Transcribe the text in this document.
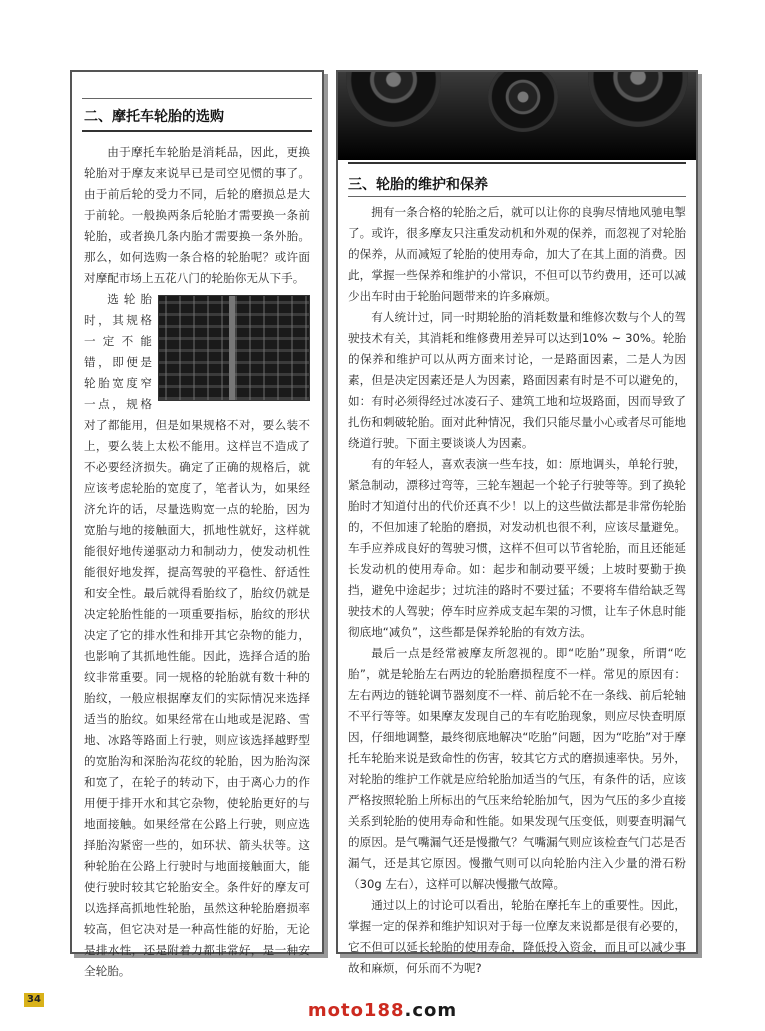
二、摩托车轮胎的选购

由于摩托车轮胎是消耗品，因此，更换轮胎对于摩友来说早已是司空见惯的事了。由于前后轮的受力不同，后轮的磨损总是大于前轮。一般换两条后轮胎才需要换一条前轮胎，或者换几条内胎才需要换一条外胎。那么，如何选购一条合格的轮胎呢？或许面对摩配市场上五花八门的轮胎你无从下手。

选轮胎时，其规格一定不能错，即便是轮胎宽度窄一点，规格对了都能用，但是如果规格不对，要么装不上，要么装上太松不能用。这样岂不造成了不必要经济损失。确定了正确的规格后，就应该考虑轮胎的宽度了，笔者认为，如果经济允许的话，尽量选购宽一点的轮胎，因为宽胎与地的接触面大，抓地性就好，这样就能很好地传递驱动力和制动力，使发动机性能很好地发挥，提高驾驶的平稳性、舒适性和安全性。最后就得看胎纹了，胎纹仍就是决定轮胎性能的一项重要指标，胎纹的形状决定了它的排水性和排开其它杂物的能力，也影响了其抓地性能。因此，选择合适的胎纹非常重要。同一规格的轮胎就有数十种的胎纹，一般应根据摩友们的实际情况来选择适当的胎纹。如果经常在山地或是泥路、雪地、冰路等路面上行驶，则应该选择越野型的宽胎沟和深胎沟花纹的轮胎，因为胎沟深和宽了，在轮子的转动下，由于离心力的作用便于排开水和其它杂物，使轮胎更好的与地面接触。如果经常在公路上行驶，则应选择胎沟紧密一些的，如环状、箭头状等。这种轮胎在公路上行驶时与地面接触面大，能使行驶时较其它轮胎安全。条件好的摩友可以选择高抓地性轮胎，虽然这种轮胎磨损率较高，但它决对是一种高性能的好胎，无论是排水性，还是附着力都非常好，是一种安全轮胎。

三、轮胎的维护和保养

拥有一条合格的轮胎之后，就可以让你的良驹尽情地风驰电掣了。或许，很多摩友只注重发动机和外观的保养，而忽视了对轮胎的保养，从而减短了轮胎的使用寿命，加大了在其上面的消费。因此，掌握一些保养和维护的小常识，不但可以节约费用，还可以减少出车时由于轮胎问题带来的许多麻烦。

有人统计过，同一时期轮胎的消耗数量和维修次数与个人的驾驶技术有关，其消耗和维修费用差异可以达到10% ~ 30%。轮胎的保养和维护可以从两方面来讨论，一是路面因素，二是人为因素，但是决定因素还是人为因素，路面因素有时是不可以避免的，如：有时必须得经过冰凌石子、建筑工地和垃圾路面，因而导致了扎伤和刺破轮胎。面对此种情况，我们只能尽量小心或者尽可能地绕道行驶。下面主要谈谈人为因素。

有的年轻人，喜欢表演一些车技，如：原地调头，单轮行驶，紧急制动，漂移过弯等，三轮车翘起一个轮子行驶等等。到了换轮胎时才知道付出的代价还真不少！以上的这些做法都是非常伤轮胎的，不但加速了轮胎的磨损，对发动机也很不利，应该尽量避免。车手应养成良好的驾驶习惯，这样不但可以节省轮胎，而且还能延长发动机的使用寿命。如：起步和制动要平缓；上坡时要勤于换挡，避免中途起步；过坑洼的路时不要过猛；不要将车借给缺乏驾驶技术的人驾驶；停车时应养成支起车架的习惯，让车子休息时能彻底地“减负”，这些都是保养轮胎的有效方法。

最后一点是经常被摩友所忽视的。即“吃胎”现象，所谓“吃胎”，就是轮胎左右两边的轮胎磨损程度不一样。常见的原因有：左右两边的链轮调节器刻度不一样、前后轮不在一条线、前后轮轴不平行等等。如果摩友发现自己的车有吃胎现象，则应尽快查明原因，仔细地调整，最终彻底地解决“吃胎”问题，因为“吃胎”对于摩托车轮胎来说是致命性的伤害，较其它方式的磨损速率快。另外，对轮胎的维护工作就是应给轮胎加适当的气压，有条件的话，应该严格按照轮胎上所标出的气压来给轮胎加气，因为气压的多少直接关系到轮胎的使用寿命和性能。如果发现气压变低，则要查明漏气的原因。是气嘴漏气还是慢撒气？气嘴漏气则应该检查气门芯是否漏气，还是其它原因。慢撒气则可以向轮胎内注入少量的滑石粉（30g 左右），这样可以解决慢撒气故障。

通过以上的讨论可以看出，轮胎在摩托车上的重要性。因此，掌握一定的保养和维护知识对于每一位摩友来说都是很有必要的，它不但可以延长轮胎的使用寿命，降低投入资金，而且可以减少事故和麻烦，何乐而不为呢?

34
moto188.com
